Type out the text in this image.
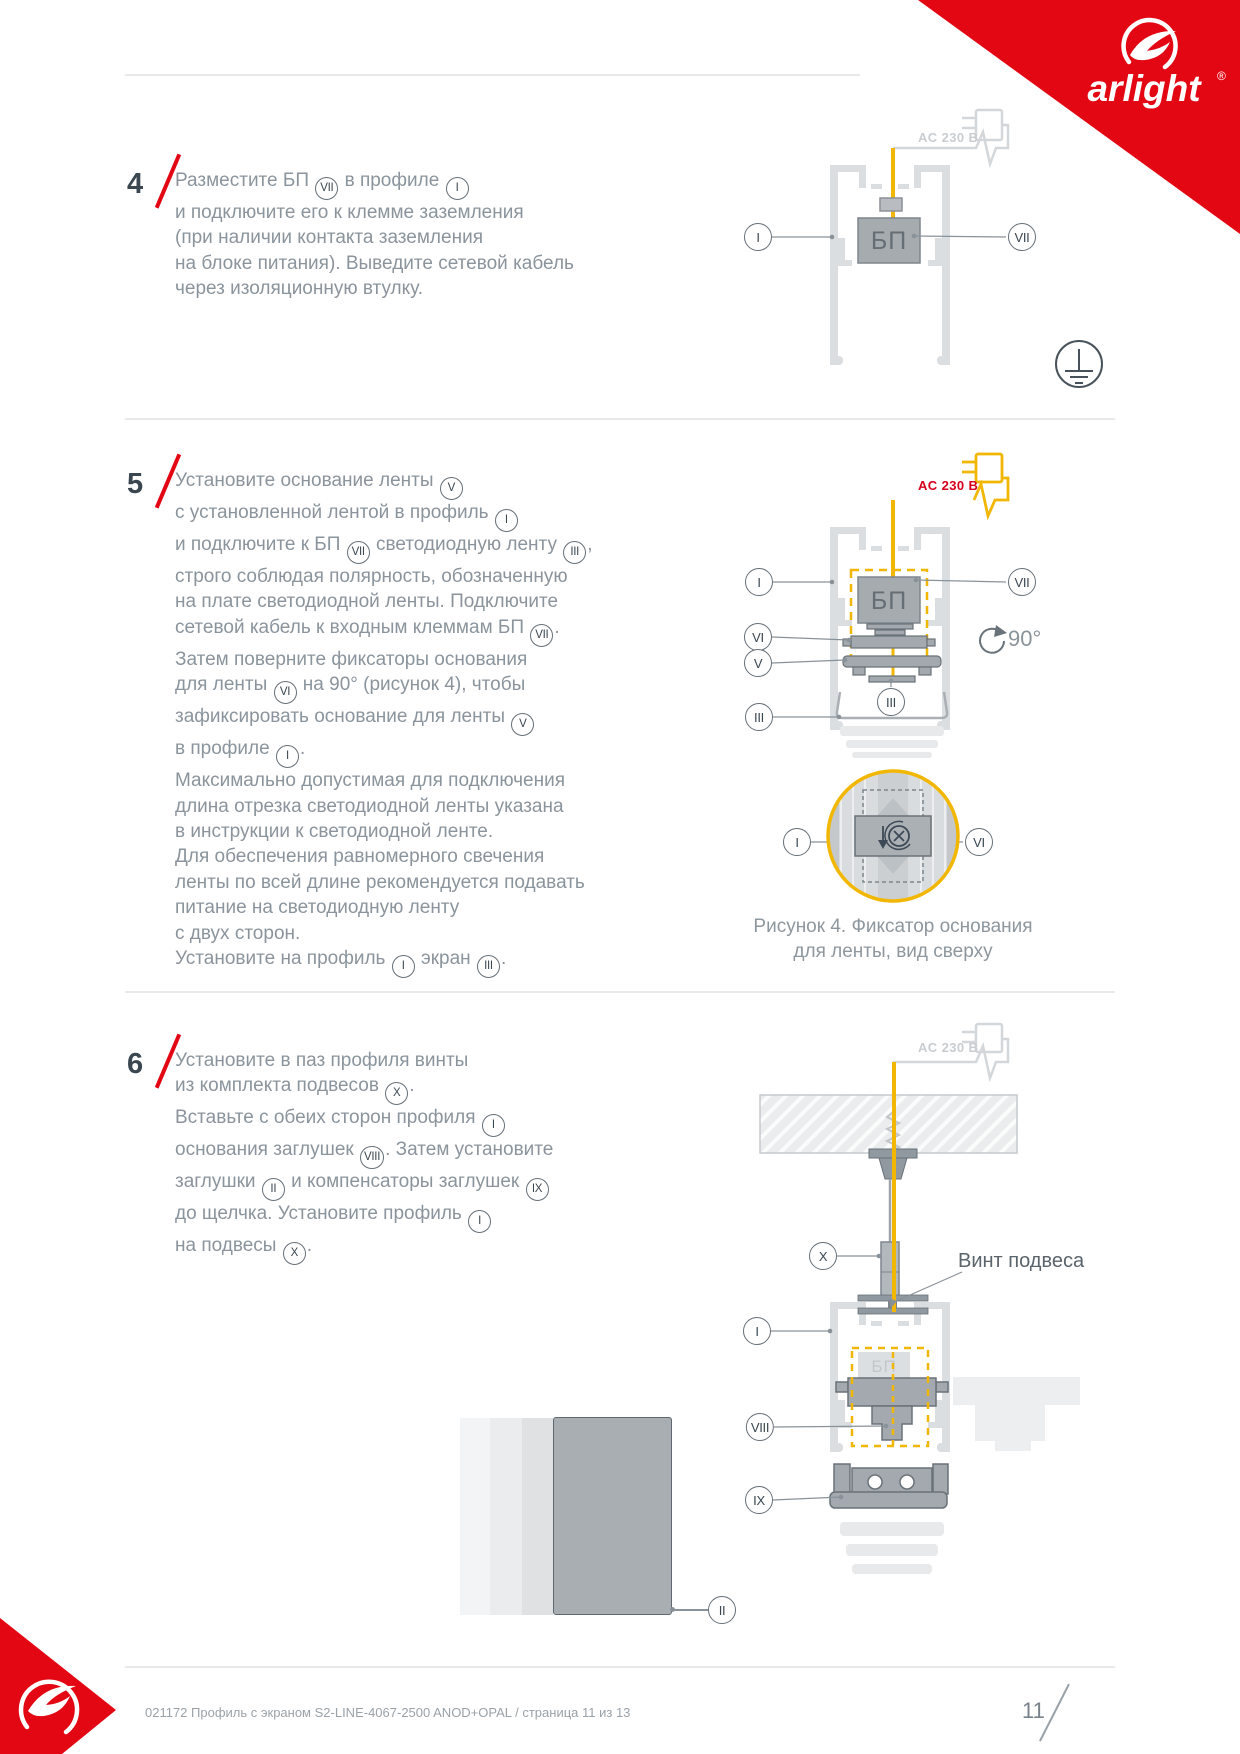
arlight ®
4 Разместите БП VII в профиле I
и подключите его к клемме заземления
(при наличии контакта заземления
на блоке питания). Выведите сетевой кабель
через изоляционную втулку.
БП
AC 230 B
I	VII
5 Установите основание ленты V
с установленной лентой в профиль I
и подключите к БП VII светодиодную ленту III ,
строго соблюдая полярность, обозначенную
на плате светодиодной ленты. Подключите
сетевой кабель к входным клеммам БП VII .
Затем поверните фиксаторы основания
для ленты VI на 90° (рисунок 4), чтобы
зафиксировать основание для ленты V
в профиле I .
Максимально допустимая для подключения
длина отрезка светодиодной ленты указана
в инструкции к светодиодной ленте.
Для обеспечения равномерного свечения
ленты по всей длине рекомендуется подавать
питание на светодиодную ленту
с двух сторон.
Установите на профиль I экран III .
БП
AC 230 B
90°
I
VI
V
III
III
VII
I	VI
Рисунок 4. Фиксатор основания
для ленты, вид сверху
6 Установите в паз профиля винты
из комплекта подвесов X .
Вставьте с обеих сторон профиля I
основания заглушек VIII . Затем установите
заглушки II и компенсаторы заглушек IX
до щелчка. Установите профиль I
на подвесы X .
БП
AC 230 B
Винт подвеса
X
I
VIII
IX
II
021172 Профиль с экраном S2-LINE-4067-2500 ANOD+OPAL / страница 11 из 13	11
